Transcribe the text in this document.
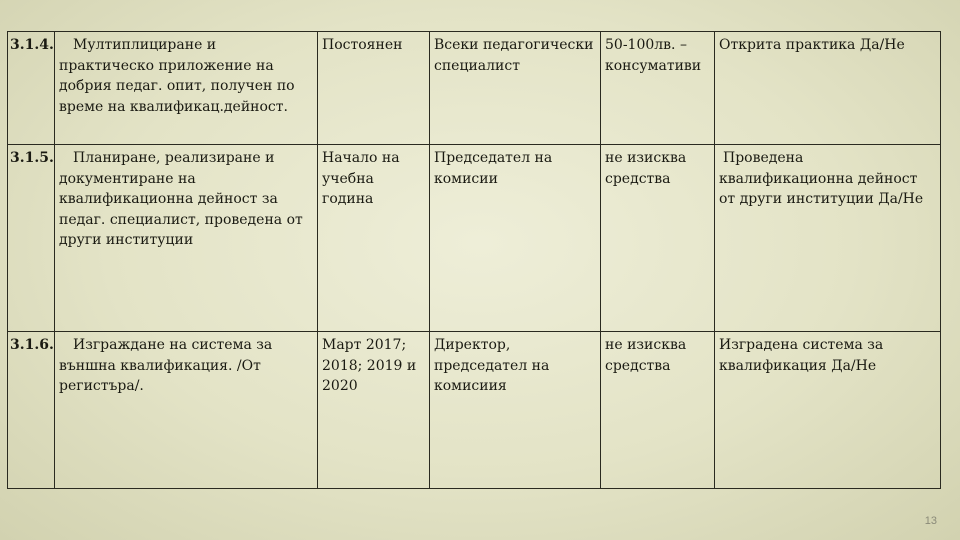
3.1.4.	Мултиплициране и практическо приложение на добрия педаг. опит, получен по време на квалификац.дейност.	Постоянен	Всеки педагогически специалист	50-100лв. – консумативи	Открита практика Да/Не
3.1.5.	Планиране, реализиране и документиране на квалификационна дейност за педаг. специалист, проведена от други институции	Начало на учебна година	Председател на комисии	не изисква средства	Проведена квалификационна дейност от други институции Да/Не
3.1.6.	Изграждане на система за външна квалификация. /От регистъра/.	Март 2017; 2018; 2019 и 2020	Директор, председател на комисиия	не изисква средства	Изградена система за квалификация Да/Не
13
